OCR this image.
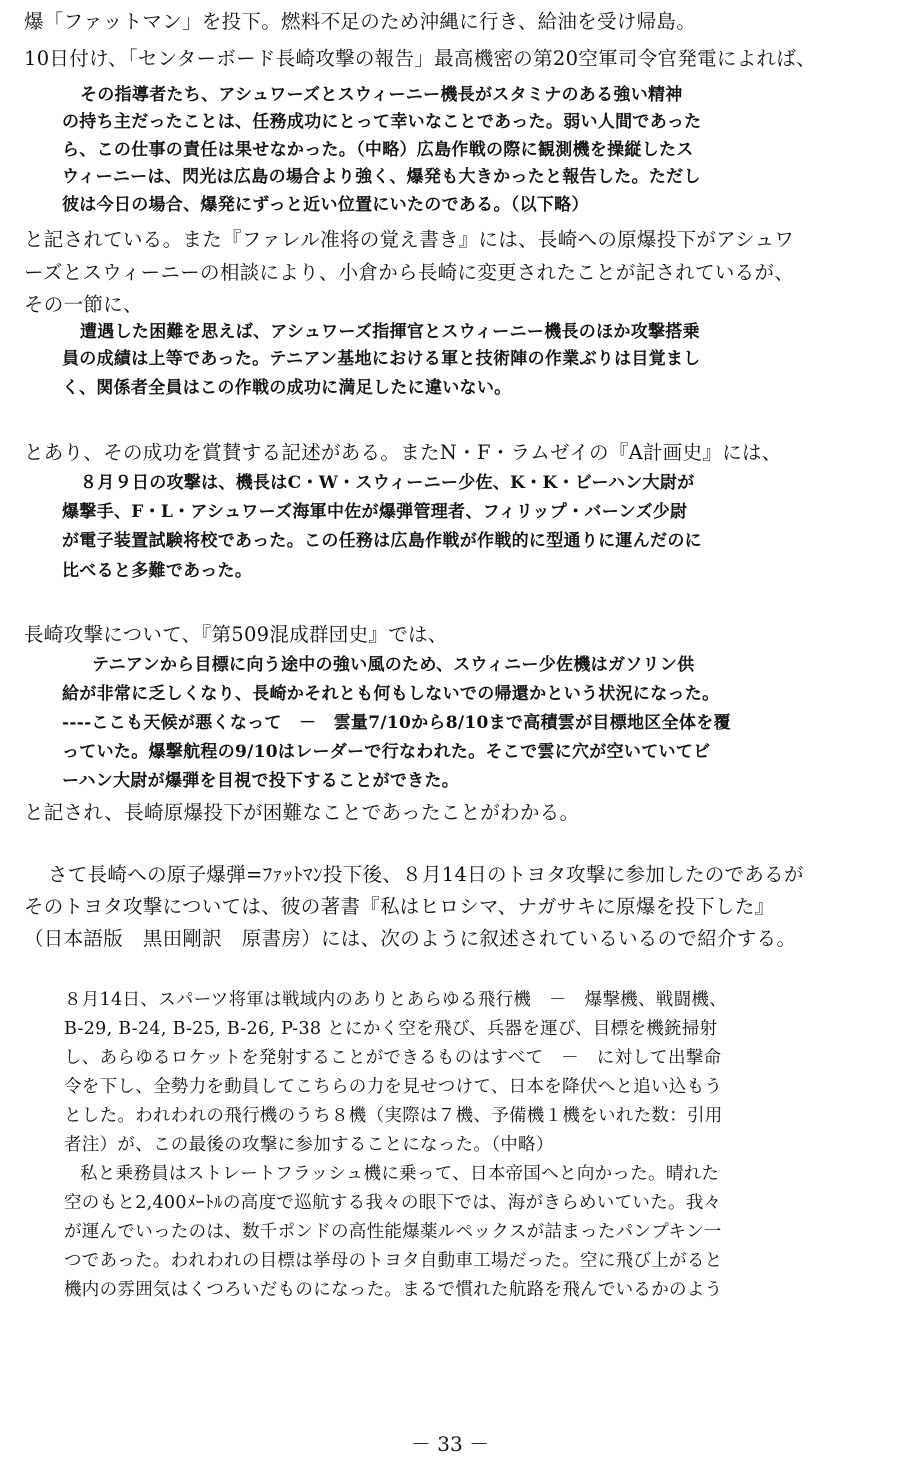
爆「ファットマン」を投下。燃料不足のため沖縄に行き、給油を受け帰島。
10日付け、「センターボード長崎攻撃の報告」最高機密の第20空軍司令官発電によれば、
その指導者たち、アシュワーズとスウィーニー機長がスタミナのある強い精神
の持ち主だったことは、任務成功にとって幸いなことであった。弱い人間であった
ら、この仕事の責任は果せなかった。（中略）広島作戦の際に観測機を操縦したス
ウィーニーは、閃光は広島の場合より強く、爆発も大きかったと報告した。ただし
彼は今日の場合、爆発にずっと近い位置にいたのである。（以下略）
と記されている。また『ファレル准将の覚え書き』には、長崎への原爆投下がアシュワ
ーズとスウィーニーの相談により、小倉から長崎に変更されたことが記されているが、
その一節に、
遭遇した困難を思えば、アシュワーズ指揮官とスウィーニー機長のほか攻撃搭乗
員の成績は上等であった。テニアン基地における軍と技術陣の作業ぶりは目覚まし
く、関係者全員はこの作戦の成功に満足したに違いない。
とあり、その成功を賞賛する記述がある。またN・F・ラムゼイの『A計画史』には、
８月９日の攻撃は、機長はC・W・スウィーニー少佐、K・K・ビーハン大尉が
爆撃手、F・L・アシュワーズ海軍中佐が爆弾管理者、フィリップ・バーンズ少尉
が電子装置試験将校であった。この任務は広島作戦が作戦的に型通りに運んだのに
比べると多難であった。
長崎攻撃について、『第509混成群団史』では、
テニアンから目標に向う途中の強い風のため、スウィニー少佐機はガソリン供
給が非常に乏しくなり、長崎かそれとも何もしないでの帰還かという状況になった。
----ここも天候が悪くなって　－　雲量7/10から8/10まで高積雲が目標地区全体を覆
っていた。爆撃航程の9/10はレーダーで行なわれた。そこで雲に穴が空いていてビ
ーハン大尉が爆弾を目視で投下することができた。
と記され、長崎原爆投下が困難なことであったことがわかる。
さて長崎への原子爆弾=ﾌｧｯﾄﾏﾝ投下後、８月14日のトヨタ攻撃に参加したのであるが
そのトヨタ攻撃については、彼の著書『私はヒロシマ、ナガサキに原爆を投下した』
（日本語版　黒田剛訳　原書房）には、次のように叙述されているいるので紹介する。
８月14日、スパーツ将軍は戦域内のありとあらゆる飛行機　－　爆撃機、戦闘機、
B-29, B-24, B-25, B-26, P-38 とにかく空を飛び、兵器を運び、目標を機銃掃射
し、あらゆるロケットを発射することができるものはすべて　－　に対して出撃命
令を下し、全勢力を動員してこちらの力を見せつけて、日本を降伏へと追い込もう
とした。われわれの飛行機のうち８機（実際は７機、予備機１機をいれた数：引用
者注）が、この最後の攻撃に参加することになった。（中略）
私と乗務員はストレートフラッシュ機に乗って、日本帝国へと向かった。晴れた
空のもと2,400ﾒｰﾄﾙの高度で巡航する我々の眼下では、海がきらめいていた。我々
が運んでいったのは、数千ポンドの高性能爆薬ルペックスが詰まったパンプキン一
つであった。われわれの目標は挙母のトヨタ自動車工場だった。空に飛び上がると
機内の雰囲気はくつろいだものになった。まるで慣れた航路を飛んでいるかのよう
－ 33 －
